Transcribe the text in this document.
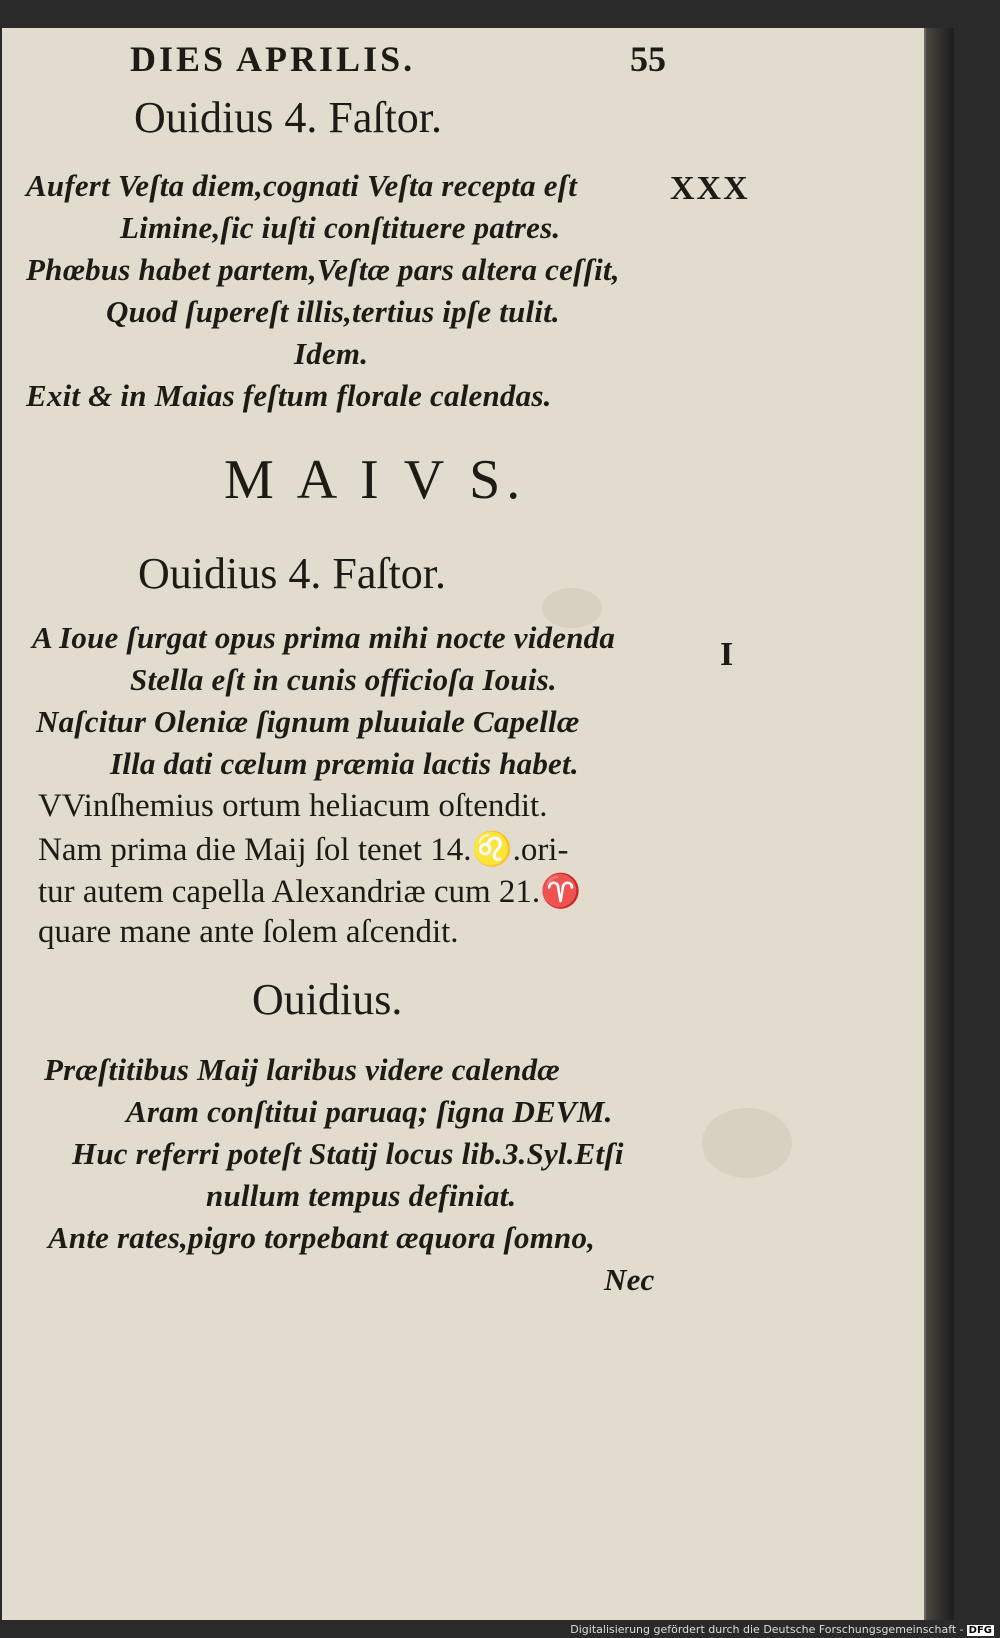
DIES APRILIS.	55
Ouidius 4. Faſtor.
XXX
Aufert Veſta diem,cognati Veſta recepta eſt
Limine,ſic iuſti conſtituere patres.
Phœbus habet partem,Veſtæ pars altera ceſſit,
Quod ſupereſt illis,tertius ipſe tulit.
Idem.
Exit & in Maias feſtum florale calendas.
M A I V S.
Ouidius 4. Faſtor.
I
A Ioue ſurgat opus prima mihi nocte videnda
Stella eſt in cunis officioſa Iouis.
Naſcitur Oleniæ ſignum pluuiale Capellæ
Illa dati cælum præmia lactis habet.
VVinſhemius ortum heliacum oſtendit.
Nam prima die Maij ſol tenet 14.♌.ori-
tur autem capella Alexandriæ cum 21.♈
quare mane ante ſolem aſcendit.
Ouidius.
Præſtitibus Maij laribus videre calendæ
Aram conſtitui paruaq; ſigna DEVM.
Huc referri poteſt Statij locus lib.3.Syl.Etſi
nullum tempus definiat.
Ante rates,pigro torpebant æquora ſomno,
Nec
Digitalisierung gefördert durch die Deutsche Forschungsgemeinschaft - DFG
